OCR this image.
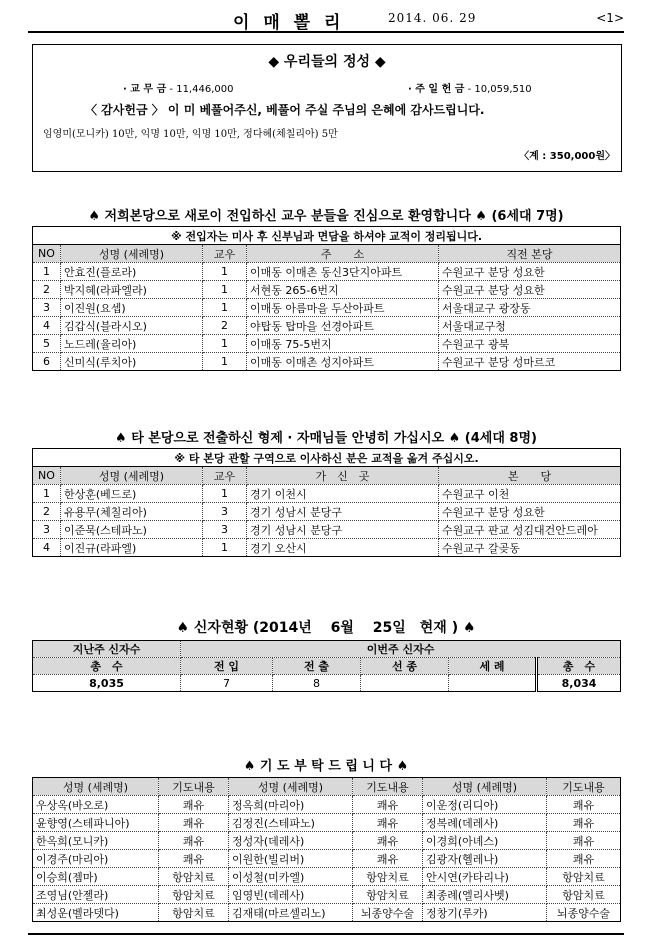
이 매 뽈 리	2014. 06. 29	<1>
◆ 우리들의 정성 ◆
· 교 무 금 - 11,446,000	· 주 일 헌 금 - 10,059,510
〈 감사헌금 〉 이 미 베풀어주신, 베풀어 주실 주님의 은혜에 감사드립니다.
임영미(모니카) 10만, 익명 10만, 익명 10만, 정다혜(체칠리아) 5만
〈계 : 350,000원〉
♠ 저희본당으로 새로이 전입하신 교우 분들을 진심으로 환영합니다 ♠ (6세대 7명)
※ 전입자는 미사 후 신부님과 면담을 하셔야 교적이 정리됩니다.				
NO	성명 (세례명)	교우	주　　소	직전 본당
1	안효진(플로라)	1	이매동 이매촌 동신3단지아파트	수원교구 분당 성요한
2	박지혜(라파엘라)	1	서현동 265-6번지	수원교구 분당 성요한
3	이진원(요셉)	1	이매동 아름마을 두산아파트	서울대교구 광장동
4	김갑식(블라시오)	2	야탑동 탑마을 선경아파트	서울대교구청
5	노드레(율리아)	1	이매동 75-5번지	수원교구 광북
6	신미식(루치아)	1	이매동 이매촌 성지아파트	수원교구 분당 성마르코
♠ 타 본당으로 전출하신 형제 · 자매님들 안녕히 가십시오 ♠ (4세대 8명)
※ 타 본당 관할 구역으로 이사하신 분은 교적을 옮겨 주십시오.				
NO	성명 (세례명)	교우	가　신　곳	본　　당
1	한상훈(베드로)	1	경기 이천시	수원교구 이천
2	유용무(체칠리아)	3	경기 성남시 분당구	수원교구 분당 성요한
3	이준묵(스테파노)	3	경기 성남시 분당구	수원교구 판교 성김대건안드레아
4	이진규(라파엘)	1	경기 오산시	수원교구 갈곶동
♠ 신자현황 (2014년　 6월　 25일　현재 ) ♠
지난주 신자수	이번주 신자수				
총　수	전 입	전 출	선 종	세 례	총　수
8,035	7	8			8,034
♠ 기 도 부 탁 드 립 니 다 ♠
성명 (세례명)	기도내용	성명 (세례명)	기도내용	성명 (세례명)	기도내용
우상옥(바오로)	쾌유	정옥희(마리아)	쾌유	이운정(리디아)	쾌유
윤향영(스테파니아)	쾌유	김정진(스테파노)	쾌유	정복례(데레사)	쾌유
한옥희(모니카)	쾌유	정성자(데레사)	쾌유	이경희(아녜스)	쾌유
이경주(마리아)	쾌유	이원한(빌리버)	쾌유	김광자(헬레나)	쾌유
이승희(젬마)	항암치료	이성철(미카엘)	항암치료	안시연(카타리나)	항암치료
조영님(안젤라)	항암치료	임영빈(데레사)	항암치료	최종례(엘리사벳)	항암치료
최성운(벨라뎃다)	항암치료	김재태(마르셀리노)	뇌종양수술	정창기(루카)	뇌종양수술
